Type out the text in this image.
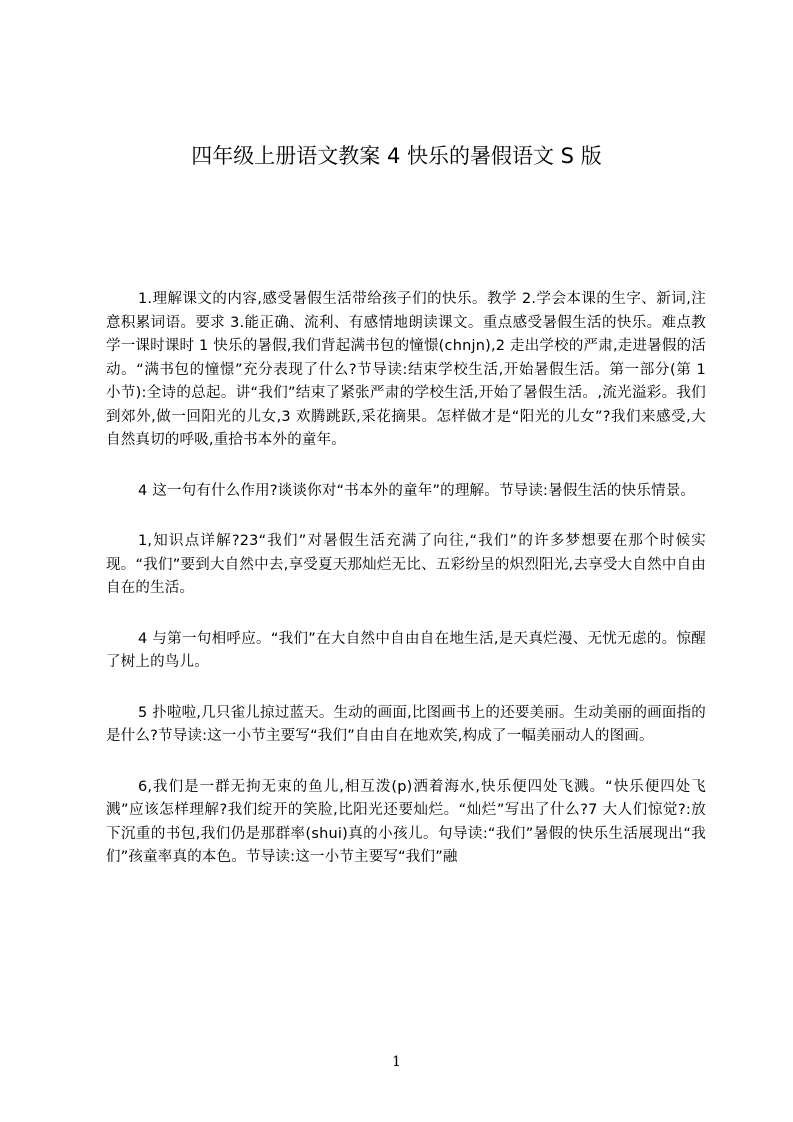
四年级上册语文教案 4 快乐的暑假语文 S 版

1.理解课文的内容,感受暑假生活带给孩子们的快乐。教学 2.学会本课的生字、新词,注意积累词语。要求 3.能正确、流利、有感情地朗读课文。重点感受暑假生活的快乐。难点教学一课时课时 1 快乐的暑假,我们背起满书包的憧憬(chnjn),2 走出学校的严肃,走进暑假的活动。“满书包的憧憬”充分表现了什么?节导读:结束学校生活,开始暑假生活。第一部分(第 1 小节):全诗的总起。讲“我们”结束了紧张严肃的学校生活,开始了暑假生活。,流光溢彩。我们到郊外,做一回阳光的儿女,3 欢腾跳跃,采花摘果。怎样做才是“阳光的儿女”?我们来感受,大自然真切的呼吸,重拾书本外的童年。

4 这一句有什么作用?谈谈你对“书本外的童年”的理解。节导读:暑假生活的快乐情景。

1,知识点详解?23“我们”对暑假生活充满了向往,“我们”的许多梦想要在那个时候实现。“我们”要到大自然中去,享受夏天那灿烂无比、五彩纷呈的炽烈阳光,去享受大自然中自由自在的生活。

4 与第一句相呼应。“我们”在大自然中自由自在地生活,是天真烂漫、无忧无虑的。惊醒了树上的鸟儿。

5 扑啦啦,几只雀儿掠过蓝天。生动的画面,比图画书上的还要美丽。生动美丽的画面指的是什么?节导读:这一小节主要写“我们”自由自在地欢笑,构成了一幅美丽动人的图画。

6,我们是一群无拘无束的鱼儿,相互泼(p)洒着海水,快乐便四处飞溅。“快乐便四处飞溅”应该怎样理解?我们绽开的笑脸,比阳光还要灿烂。“灿烂”写出了什么?7 大人们惊觉?:放下沉重的书包,我们仍是那群率(shui)真的小孩儿。句导读:“我们”暑假的快乐生活展现出“我们”孩童率真的本色。节导读:这一小节主要写“我们”融

1
